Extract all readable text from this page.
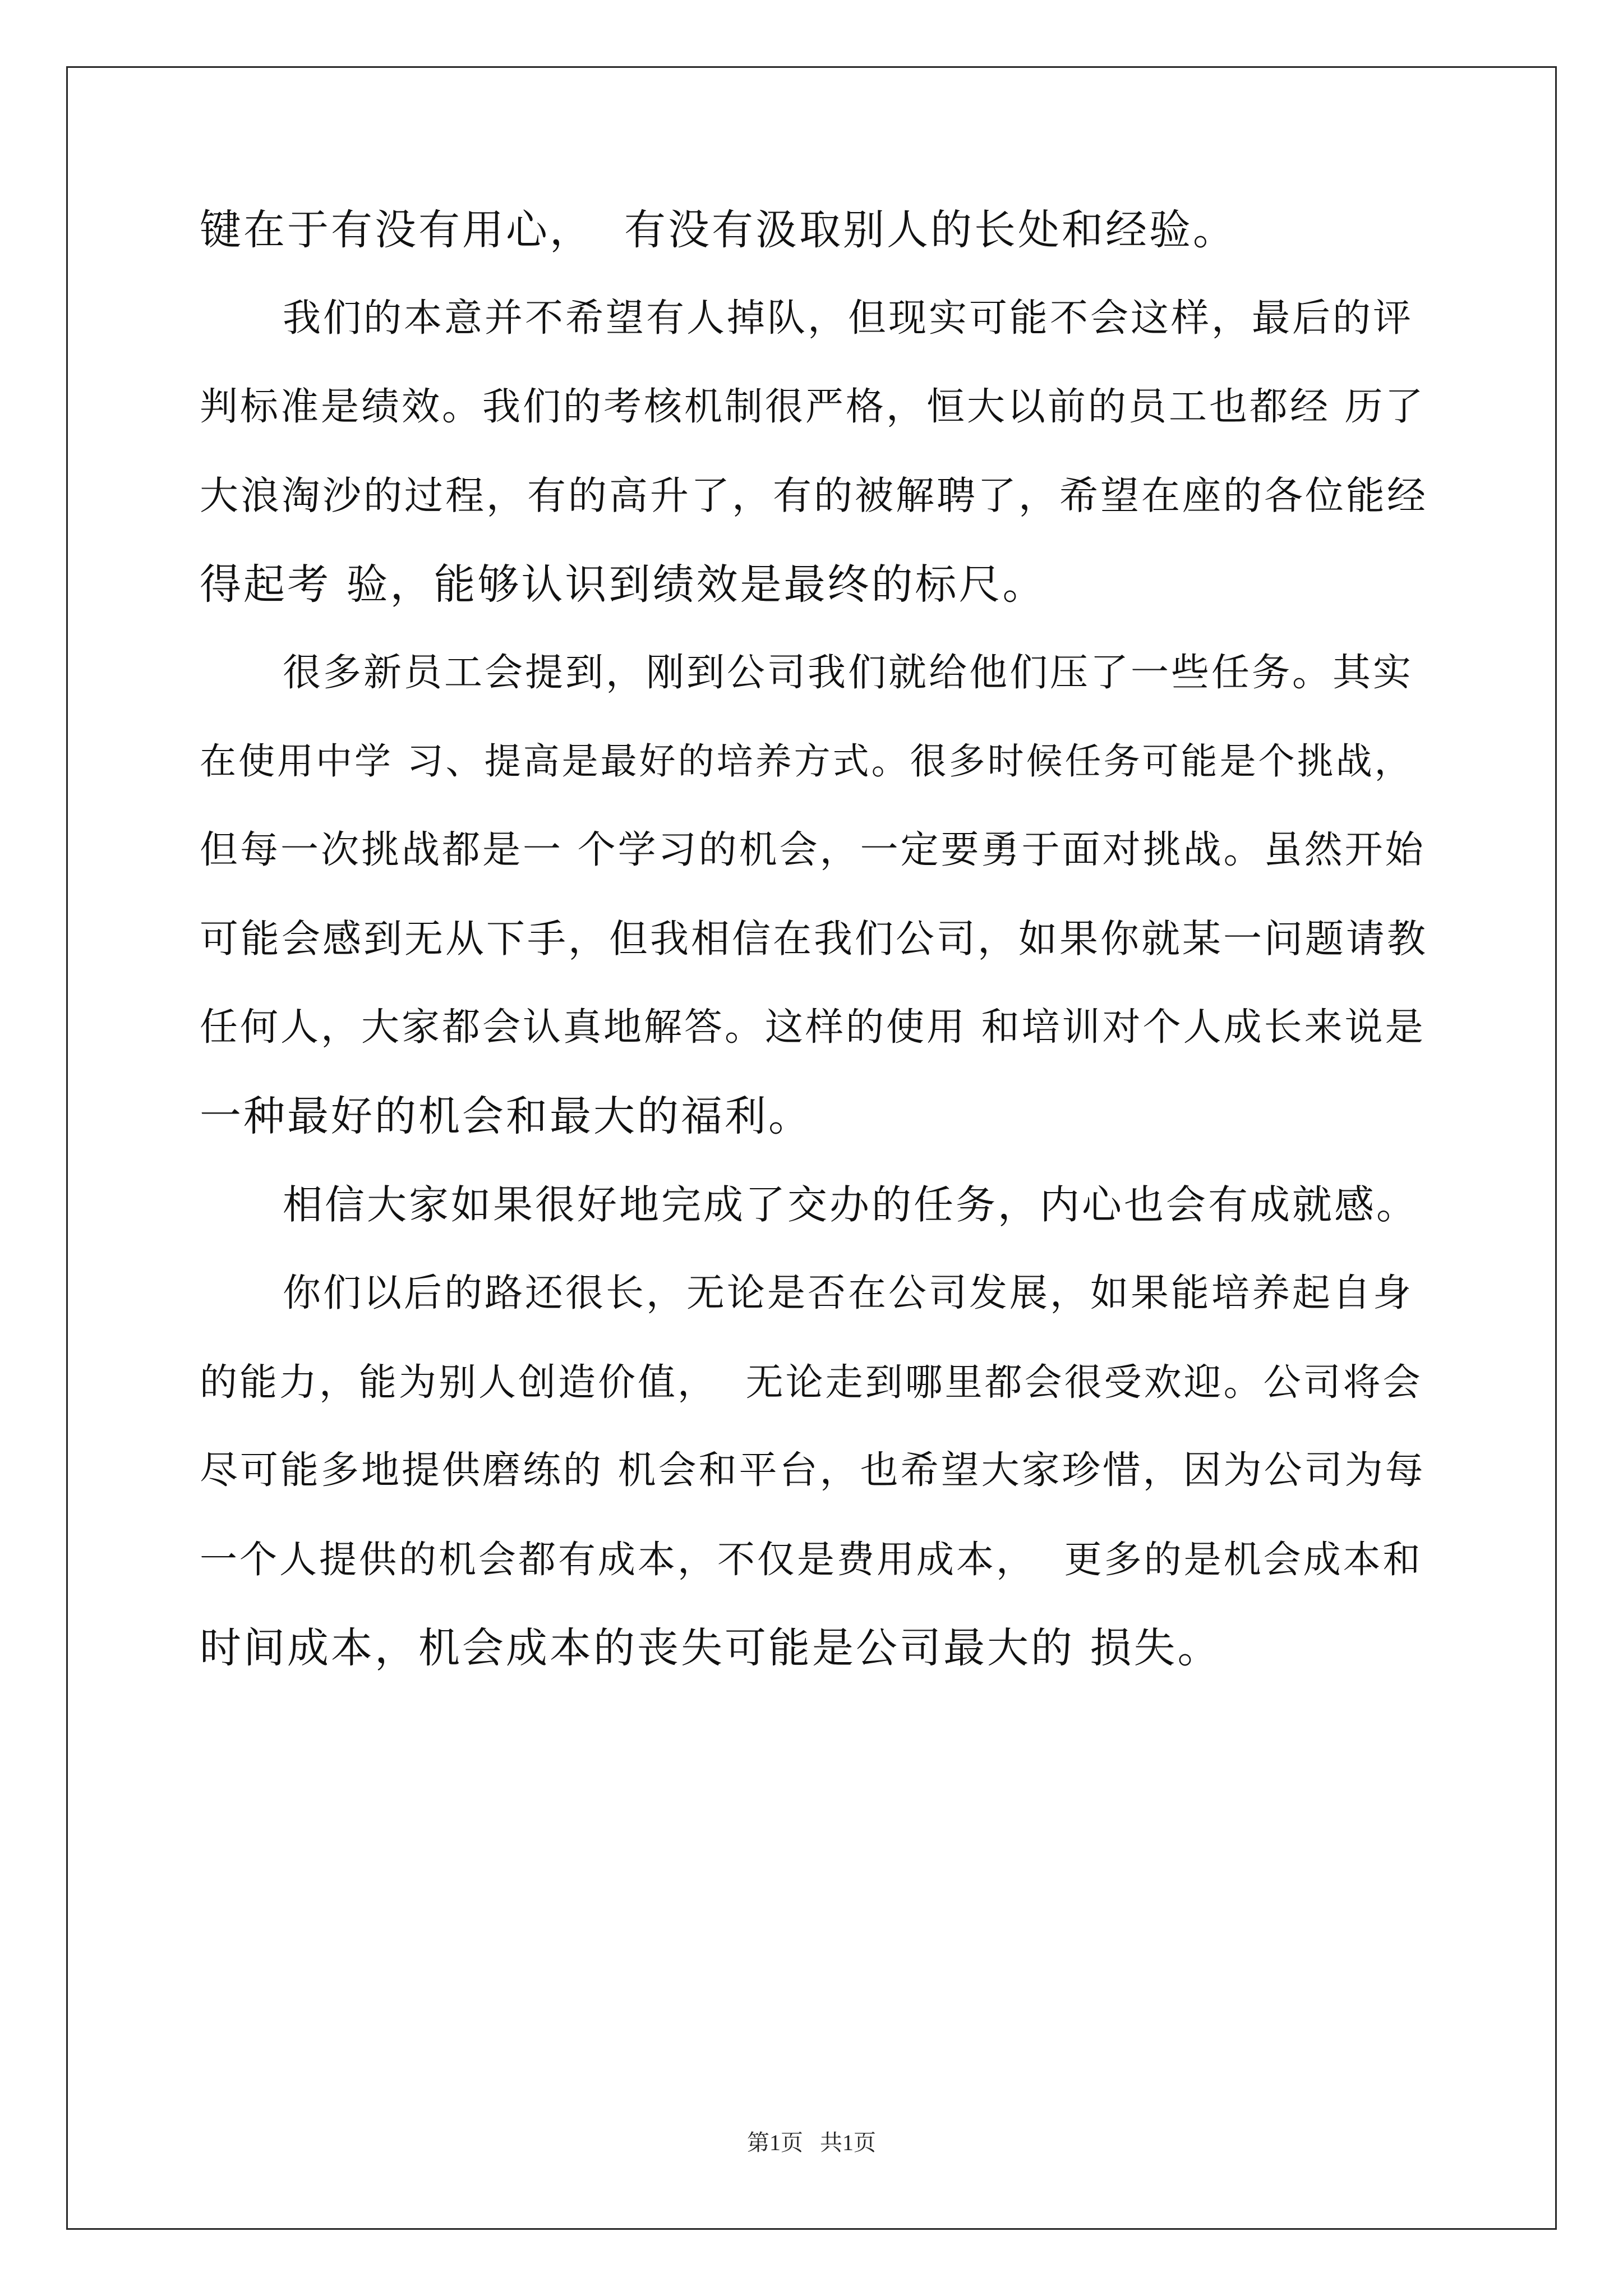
键在于有没有用心，  有没有汲取别人的长处和经验。
我们的本意并不希望有人掉队，但现实可能不会这样，最后的评
判标准是绩效。我们的考核机制很严格，恒大以前的员工也都经 历了
大浪淘沙的过程，有的高升了，有的被解聘了，希望在座的各位能经
得起考 验，能够认识到绩效是最终的标尺。
很多新员工会提到，刚到公司我们就给他们压了一些任务。其实
在使用中学 习、提高是最好的培养方式。很多时候任务可能是个挑战，
但每一次挑战都是一 个学习的机会，一定要勇于面对挑战。虽然开始
可能会感到无从下手，但我相信在我们公司，如果你就某一问题请教
任何人，大家都会认真地解答。这样的使用 和培训对个人成长来说是
一种最好的机会和最大的福利。
相信大家如果很好地完成了交办的任务，内心也会有成就感。
你们以后的路还很长，无论是否在公司发展，如果能培养起自身
的能力，能为别人创造价值，  无论走到哪里都会很受欢迎。公司将会
尽可能多地提供磨练的 机会和平台，也希望大家珍惜，因为公司为每
一个人提供的机会都有成本，不仅是费用成本，  更多的是机会成本和
时间成本，机会成本的丧失可能是公司最大的 损失。
第1页   共1页
